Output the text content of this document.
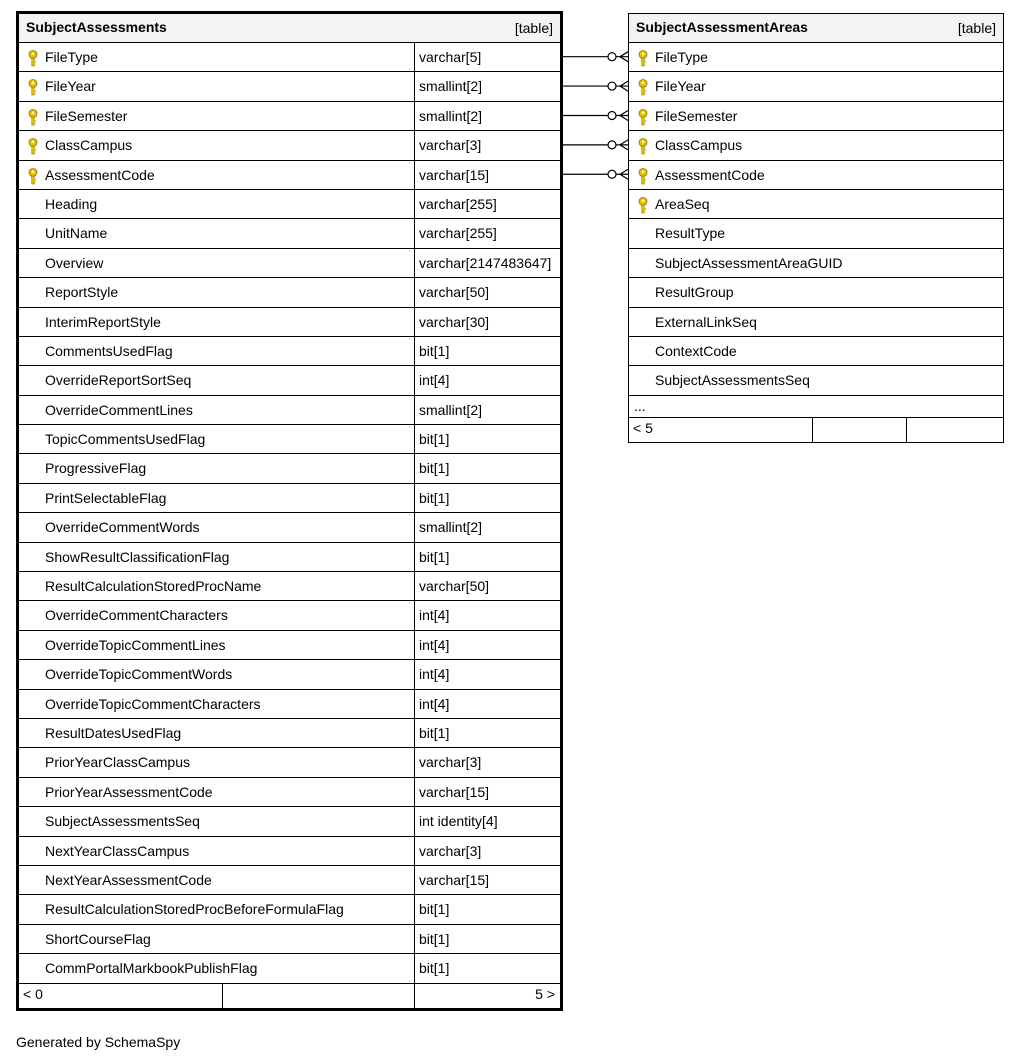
SubjectAssessments	[table]
FileType	varchar[5]
FileYear	smallint[2]
FileSemester	smallint[2]
ClassCampus	varchar[3]
AssessmentCode	varchar[15]
Heading	varchar[255]
UnitName	varchar[255]
Overview	varchar[2147483647]
ReportStyle	varchar[50]
InterimReportStyle	varchar[30]
CommentsUsedFlag	bit[1]
OverrideReportSortSeq	int[4]
OverrideCommentLines	smallint[2]
TopicCommentsUsedFlag	bit[1]
ProgressiveFlag	bit[1]
PrintSelectableFlag	bit[1]
OverrideCommentWords	smallint[2]
ShowResultClassificationFlag	bit[1]
ResultCalculationStoredProcName	varchar[50]
OverrideCommentCharacters	int[4]
OverrideTopicCommentLines	int[4]
OverrideTopicCommentWords	int[4]
OverrideTopicCommentCharacters	int[4]
ResultDatesUsedFlag	bit[1]
PriorYearClassCampus	varchar[3]
PriorYearAssessmentCode	varchar[15]
SubjectAssessmentsSeq	int identity[4]
NextYearClassCampus	varchar[3]
NextYearAssessmentCode	varchar[15]
ResultCalculationStoredProcBeforeFormulaFlag	bit[1]
ShortCourseFlag	bit[1]
CommPortalMarkbookPublishFlag	bit[1]
< 0	5 >
SubjectAssessmentAreas	[table]
FileType
FileYear
FileSemester
ClassCampus
AssessmentCode
AreaSeq
ResultType
SubjectAssessmentAreaGUID
ResultGroup
ExternalLinkSeq
ContextCode
SubjectAssessmentsSeq
...
< 5
Generated by SchemaSpy
